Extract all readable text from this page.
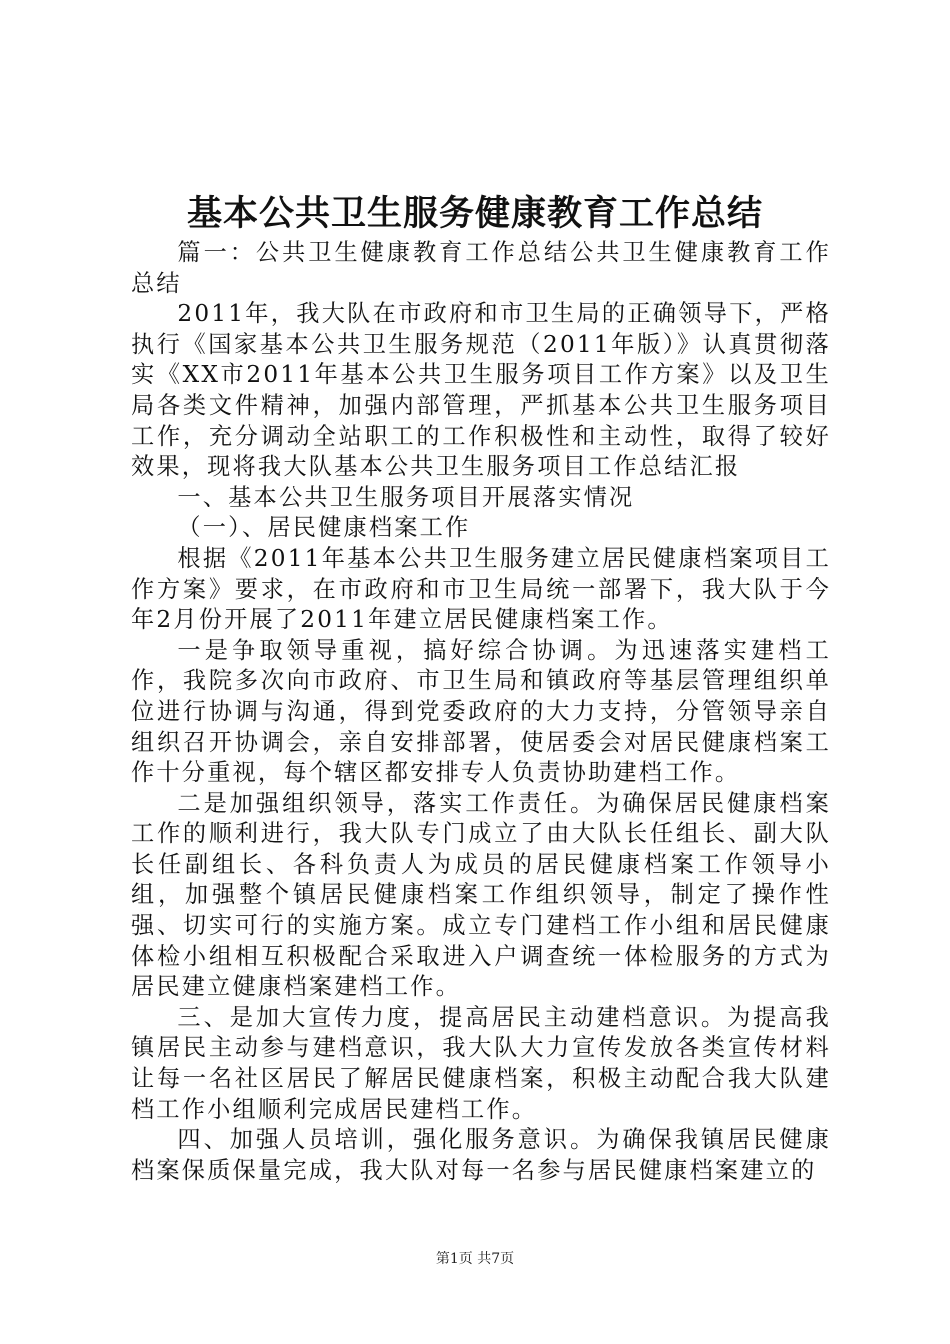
基本公共卫生服务健康教育工作总结

篇一：公共卫生健康教育工作总结公共卫生健康教育工作总结

2011年，我大队在市政府和市卫生局的正确领导下，严格执行《国家基本公共卫生服务规范（2011年版）》认真贯彻落实《XX市2011年基本公共卫生服务项目工作方案》以及卫生局各类文件精神，加强内部管理，严抓基本公共卫生服务项目工作，充分调动全站职工的工作积极性和主动性，取得了较好效果，现将我大队基本公共卫生服务项目工作总结汇报

一、基本公共卫生服务项目开展落实情况

（一）、居民健康档案工作

根据《2011年基本公共卫生服务建立居民健康档案项目工作方案》要求，在市政府和市卫生局统一部署下，我大队于今年2月份开展了2011年建立居民健康档案工作。

一是争取领导重视，搞好综合协调。为迅速落实建档工作，我院多次向市政府、市卫生局和镇政府等基层管理组织单位进行协调与沟通，得到党委政府的大力支持，分管领导亲自组织召开协调会，亲自安排部署，使居委会对居民健康档案工作十分重视，每个辖区都安排专人负责协助建档工作。

二是加强组织领导，落实工作责任。为确保居民健康档案工作的顺利进行，我大队专门成立了由大队长任组长、副大队长任副组长、各科负责人为成员的居民健康档案工作领导小组，加强整个镇居民健康档案工作组织领导，制定了操作性强、切实可行的实施方案。成立专门建档工作小组和居民健康体检小组相互积极配合采取进入户调查统一体检服务的方式为居民建立健康档案建档工作。

三、是加大宣传力度，提高居民主动建档意识。为提高我镇居民主动参与建档意识，我大队大力宣传发放各类宣传材料让每一名社区居民了解居民健康档案，积极主动配合我大队建档工作小组顺利完成居民建档工作。

四、加强人员培训，强化服务意识。为确保我镇居民健康档案保质保量完成，我大队对每一名参与居民健康档案建立的

第1页 共7页
